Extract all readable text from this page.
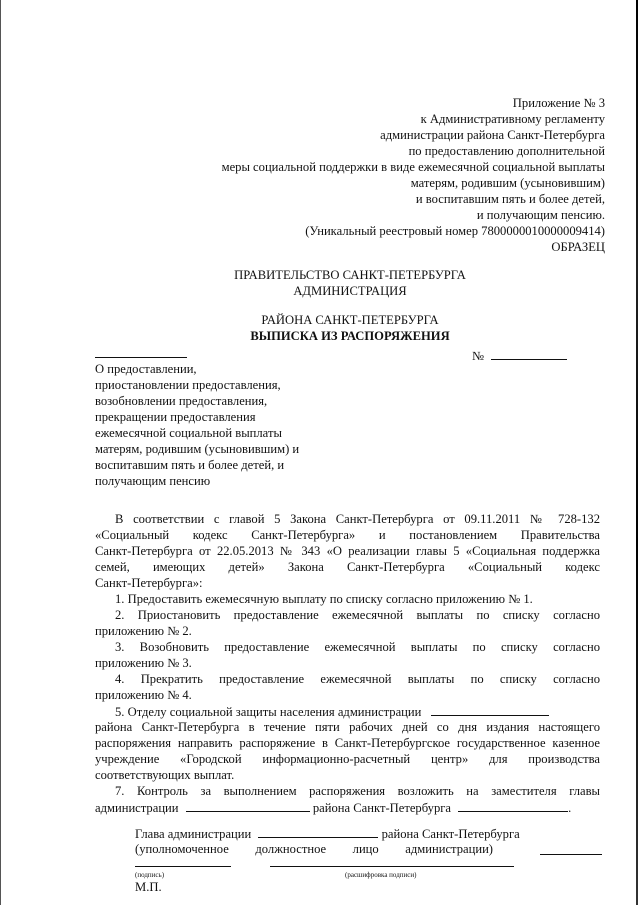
Приложение № 3
к Административному регламенту
администрации района Санкт-Петербурга
по предоставлению дополнительной
меры социальной поддержки в виде ежемесячной социальной выплаты
матерям, родившим (усыновившим)
и воспитавшим пять и более детей,
и получающим пенсию.
(Уникальный реестровый номер 7800000010000009414)
ОБРАЗЕЦ
ПРАВИТЕЛЬСТВО САНКТ-ПЕТЕРБУРГА
АДМИНИСТРАЦИЯ
РАЙОНА САНКТ-ПЕТЕРБУРГА
ВЫПИСКА ИЗ РАСПОРЯЖЕНИЯ
№
О предоставлении,
приостановлении предоставления,
возобновлении предоставления,
прекращении предоставления
ежемесячной социальной выплаты
матерям, родившим (усыновившим) и
воспитавшим пять и более детей, и
получающим пенсию
В соответствии с главой 5 Закона Санкт-Петербурга от 09.11.2011 № 728-132
«Социальный кодекс Санкт-Петербурга» и постановлением Правительства
Санкт-Петербурга от 22.05.2013 № 343 «О реализации главы 5 «Социальная поддержка
семей, имеющих детей» Закона Санкт-Петербурга «Социальный кодекс
Санкт-Петербурга»:
1. Предоставить ежемесячную выплату по списку согласно приложению № 1.
2. Приостановить предоставление ежемесячной выплаты по списку согласно
приложению № 2.
3. Возобновить предоставление ежемесячной выплаты по списку согласно
приложению № 3.
4. Прекратить предоставление ежемесячной выплаты по списку согласно
приложению № 4.
5. Отделу социальной защиты населения администрации
района Санкт-Петербурга в течение пяти рабочих дней со дня издания настоящего
распоряжения направить распоряжение в Санкт-Петербургское государственное казенное
учреждение «Городской информационно-расчетный центр» для производства
соответствующих выплат.
7. Контроль за выполнением распоряжения возложить на заместителя главы
администрации	района Санкт-Петербурга	.
Глава администрации	района Санкт-Петербурга
(уполномоченное должностное лицо администрации)
(подпись)	(расшифровка подписи)
М.П.
